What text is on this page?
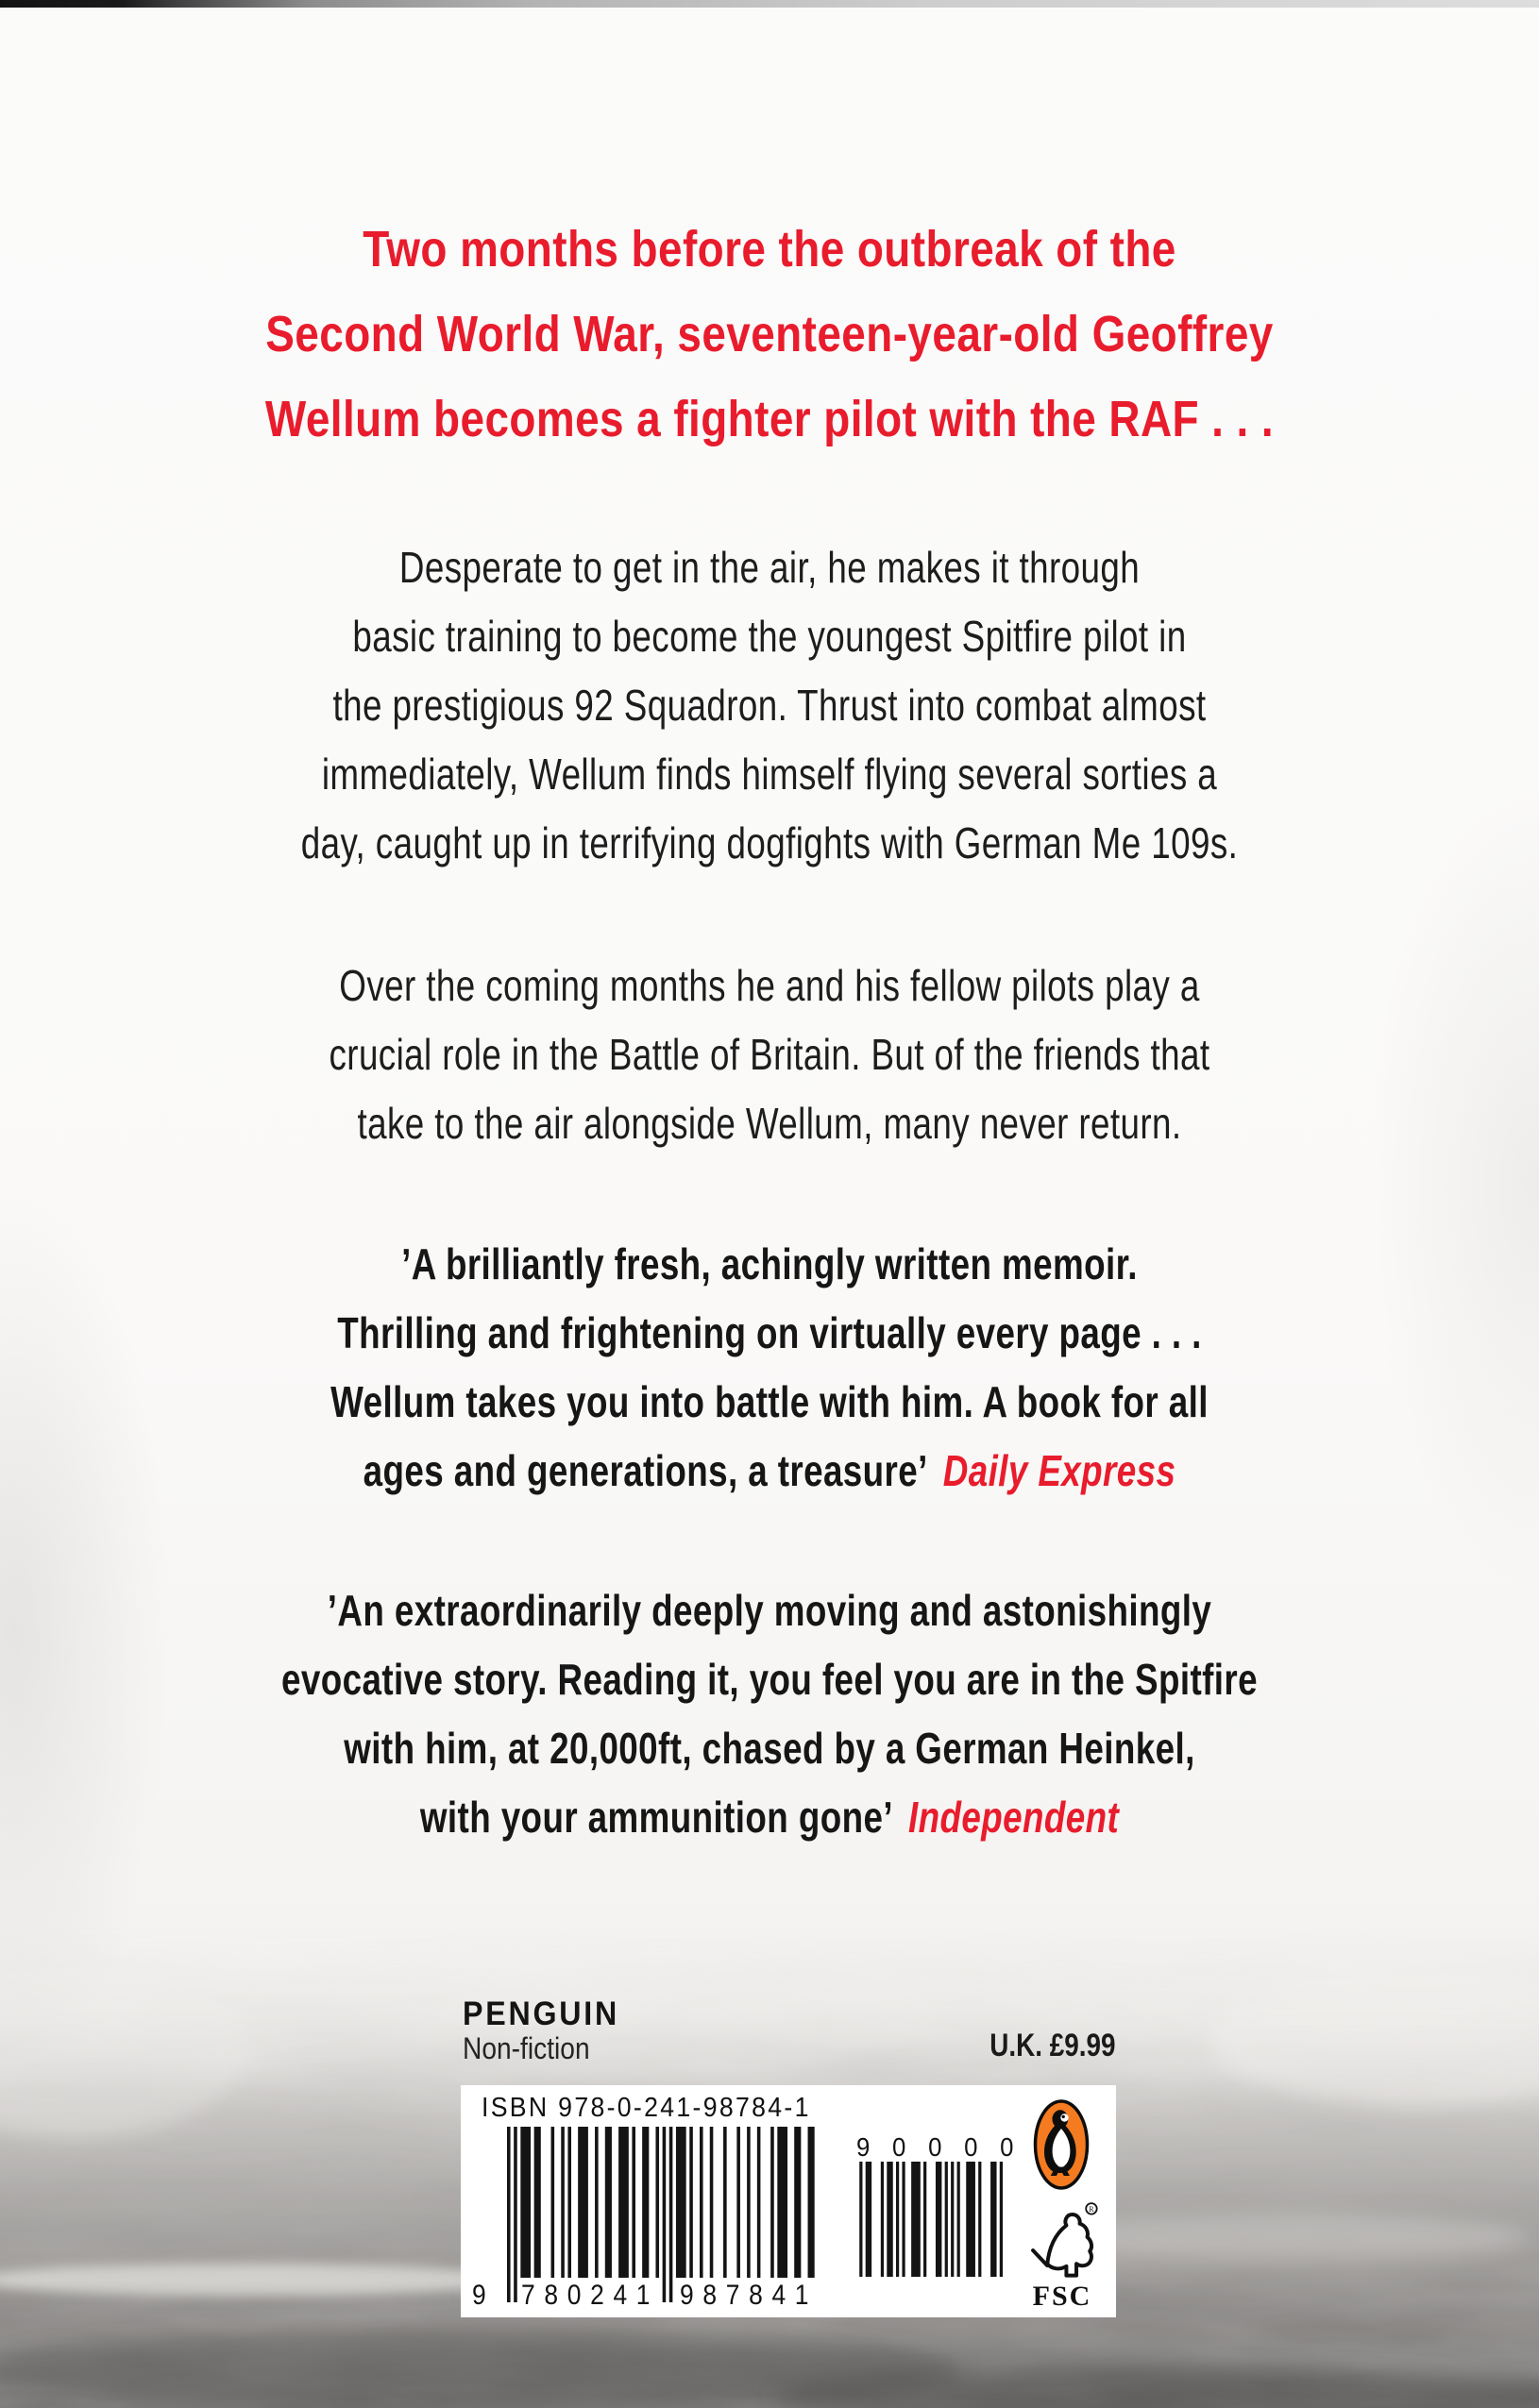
Two months before the outbreak of the
Second World War, seventeen-year-old Geoffrey
Wellum becomes a fighter pilot with the RAF . . .
Desperate to get in the air, he makes it through
basic training to become the youngest Spitfire pilot in
the prestigious 92 Squadron. Thrust into combat almost
immediately, Wellum finds himself flying several sorties a
day, caught up in terrifying dogfights with German Me 109s.
Over the coming months he and his fellow pilots play a
crucial role in the Battle of Britain. But of the friends that
take to the air alongside Wellum, many never return.
’A brilliantly fresh, achingly written memoir.
Thrilling and frightening on virtually every page . . .
Wellum takes you into battle with him. A book for all
ages and generations, a treasure’ Daily Express
’An extraordinarily deeply moving and astonishingly
evocative story. Reading it, you feel you are in the Spitfire
with him, at 20,000ft, chased by a German Heinkel,
with your ammunition gone’ Independent
PENGUIN
Non-fiction	U.K. £9.99
ISBN 978-0-241-98784-1
9 780241 987841
9 0 0 0 0
R
FSC
